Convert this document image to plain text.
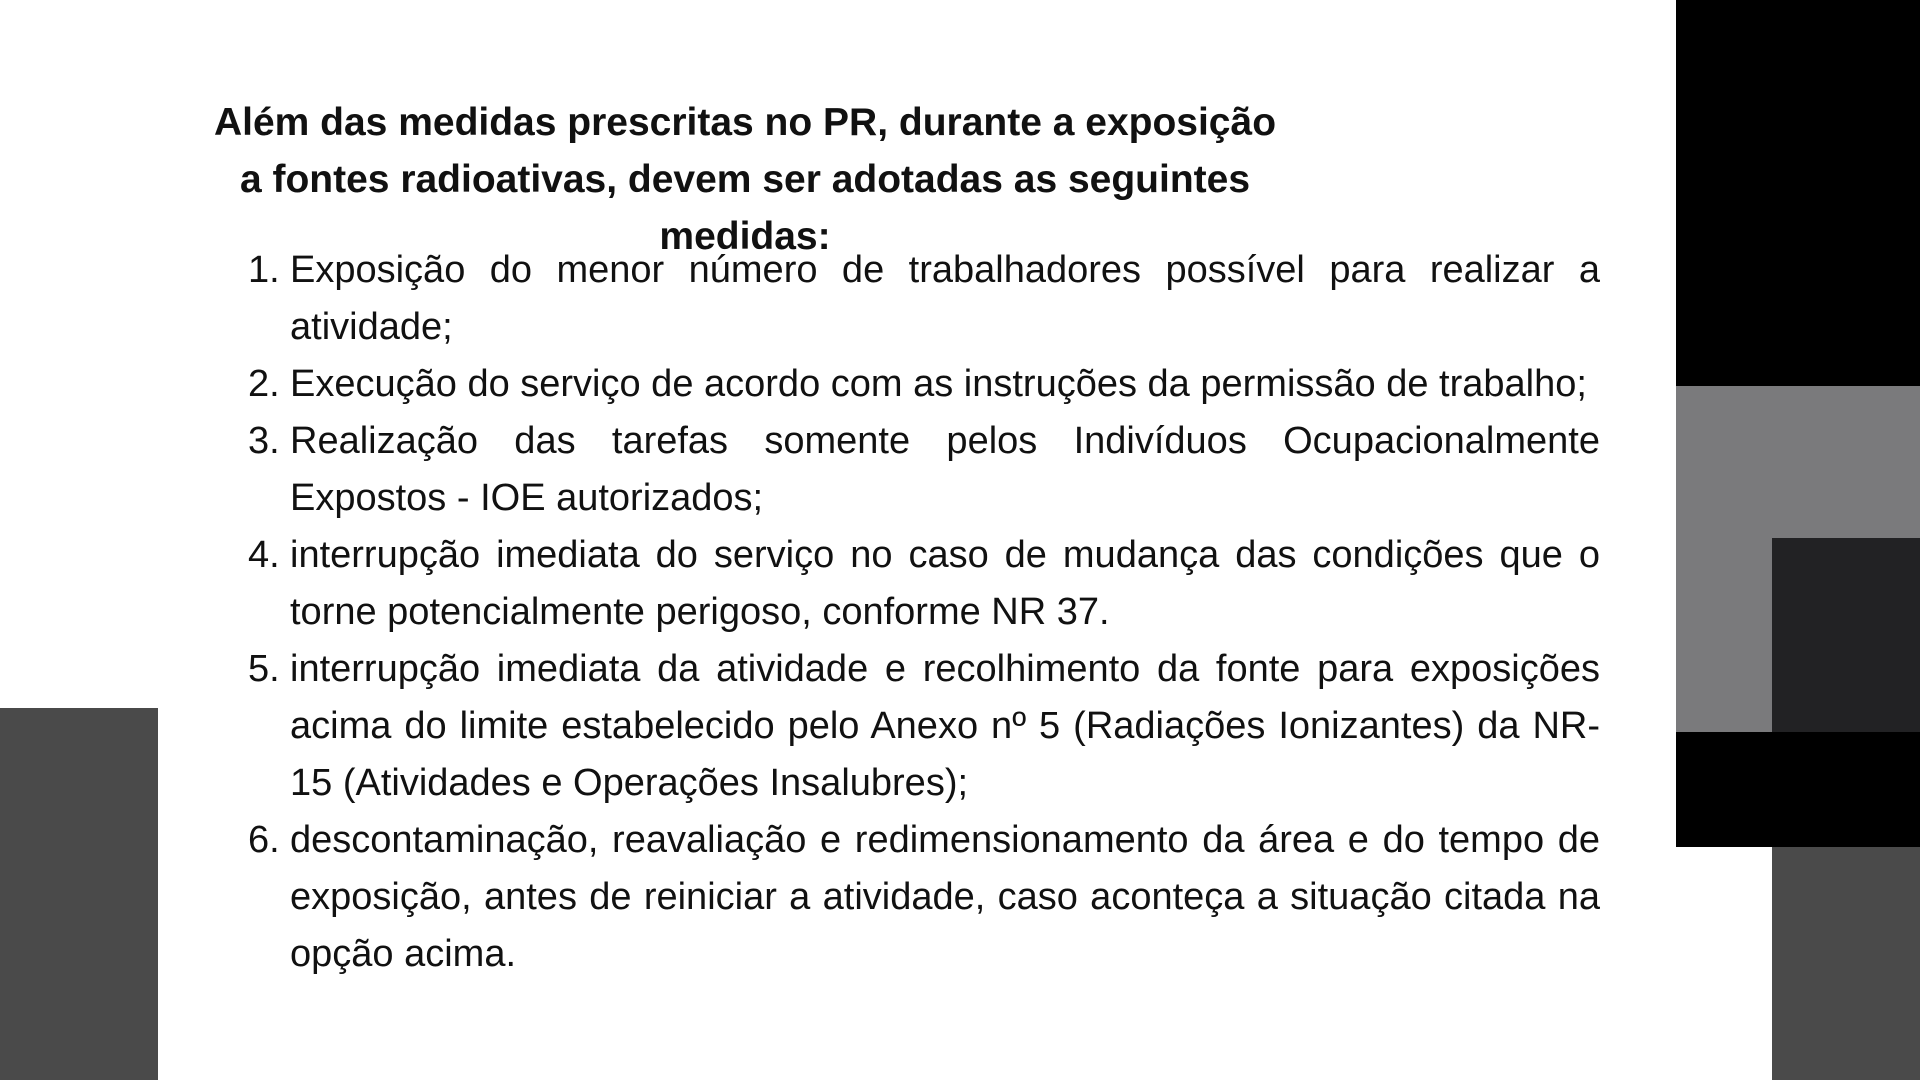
Além das medidas prescritas no PR, durante a exposição a fontes radioativas, devem ser adotadas as seguintes medidas:

1. Exposição do menor número de trabalhadores possível para realizar a atividade;
2. Execução do serviço de acordo com as instruções da permissão de trabalho;
3. Realização das tarefas somente pelos Indivíduos Ocupacionalmente Expostos - IOE autorizados;
4. interrupção imediata do serviço no caso de mudança das condições que o torne potencialmente perigoso, conforme NR 37.
5. interrupção imediata da atividade e recolhimento da fonte para exposições acima do limite estabelecido pelo Anexo nº 5 (Radiações Ionizantes) da NR-15 (Atividades e Operações Insalubres);
6. descontaminação, reavaliação e redimensionamento da área e do tempo de exposição, antes de reiniciar a atividade, caso aconteça a situação citada na opção acima.
